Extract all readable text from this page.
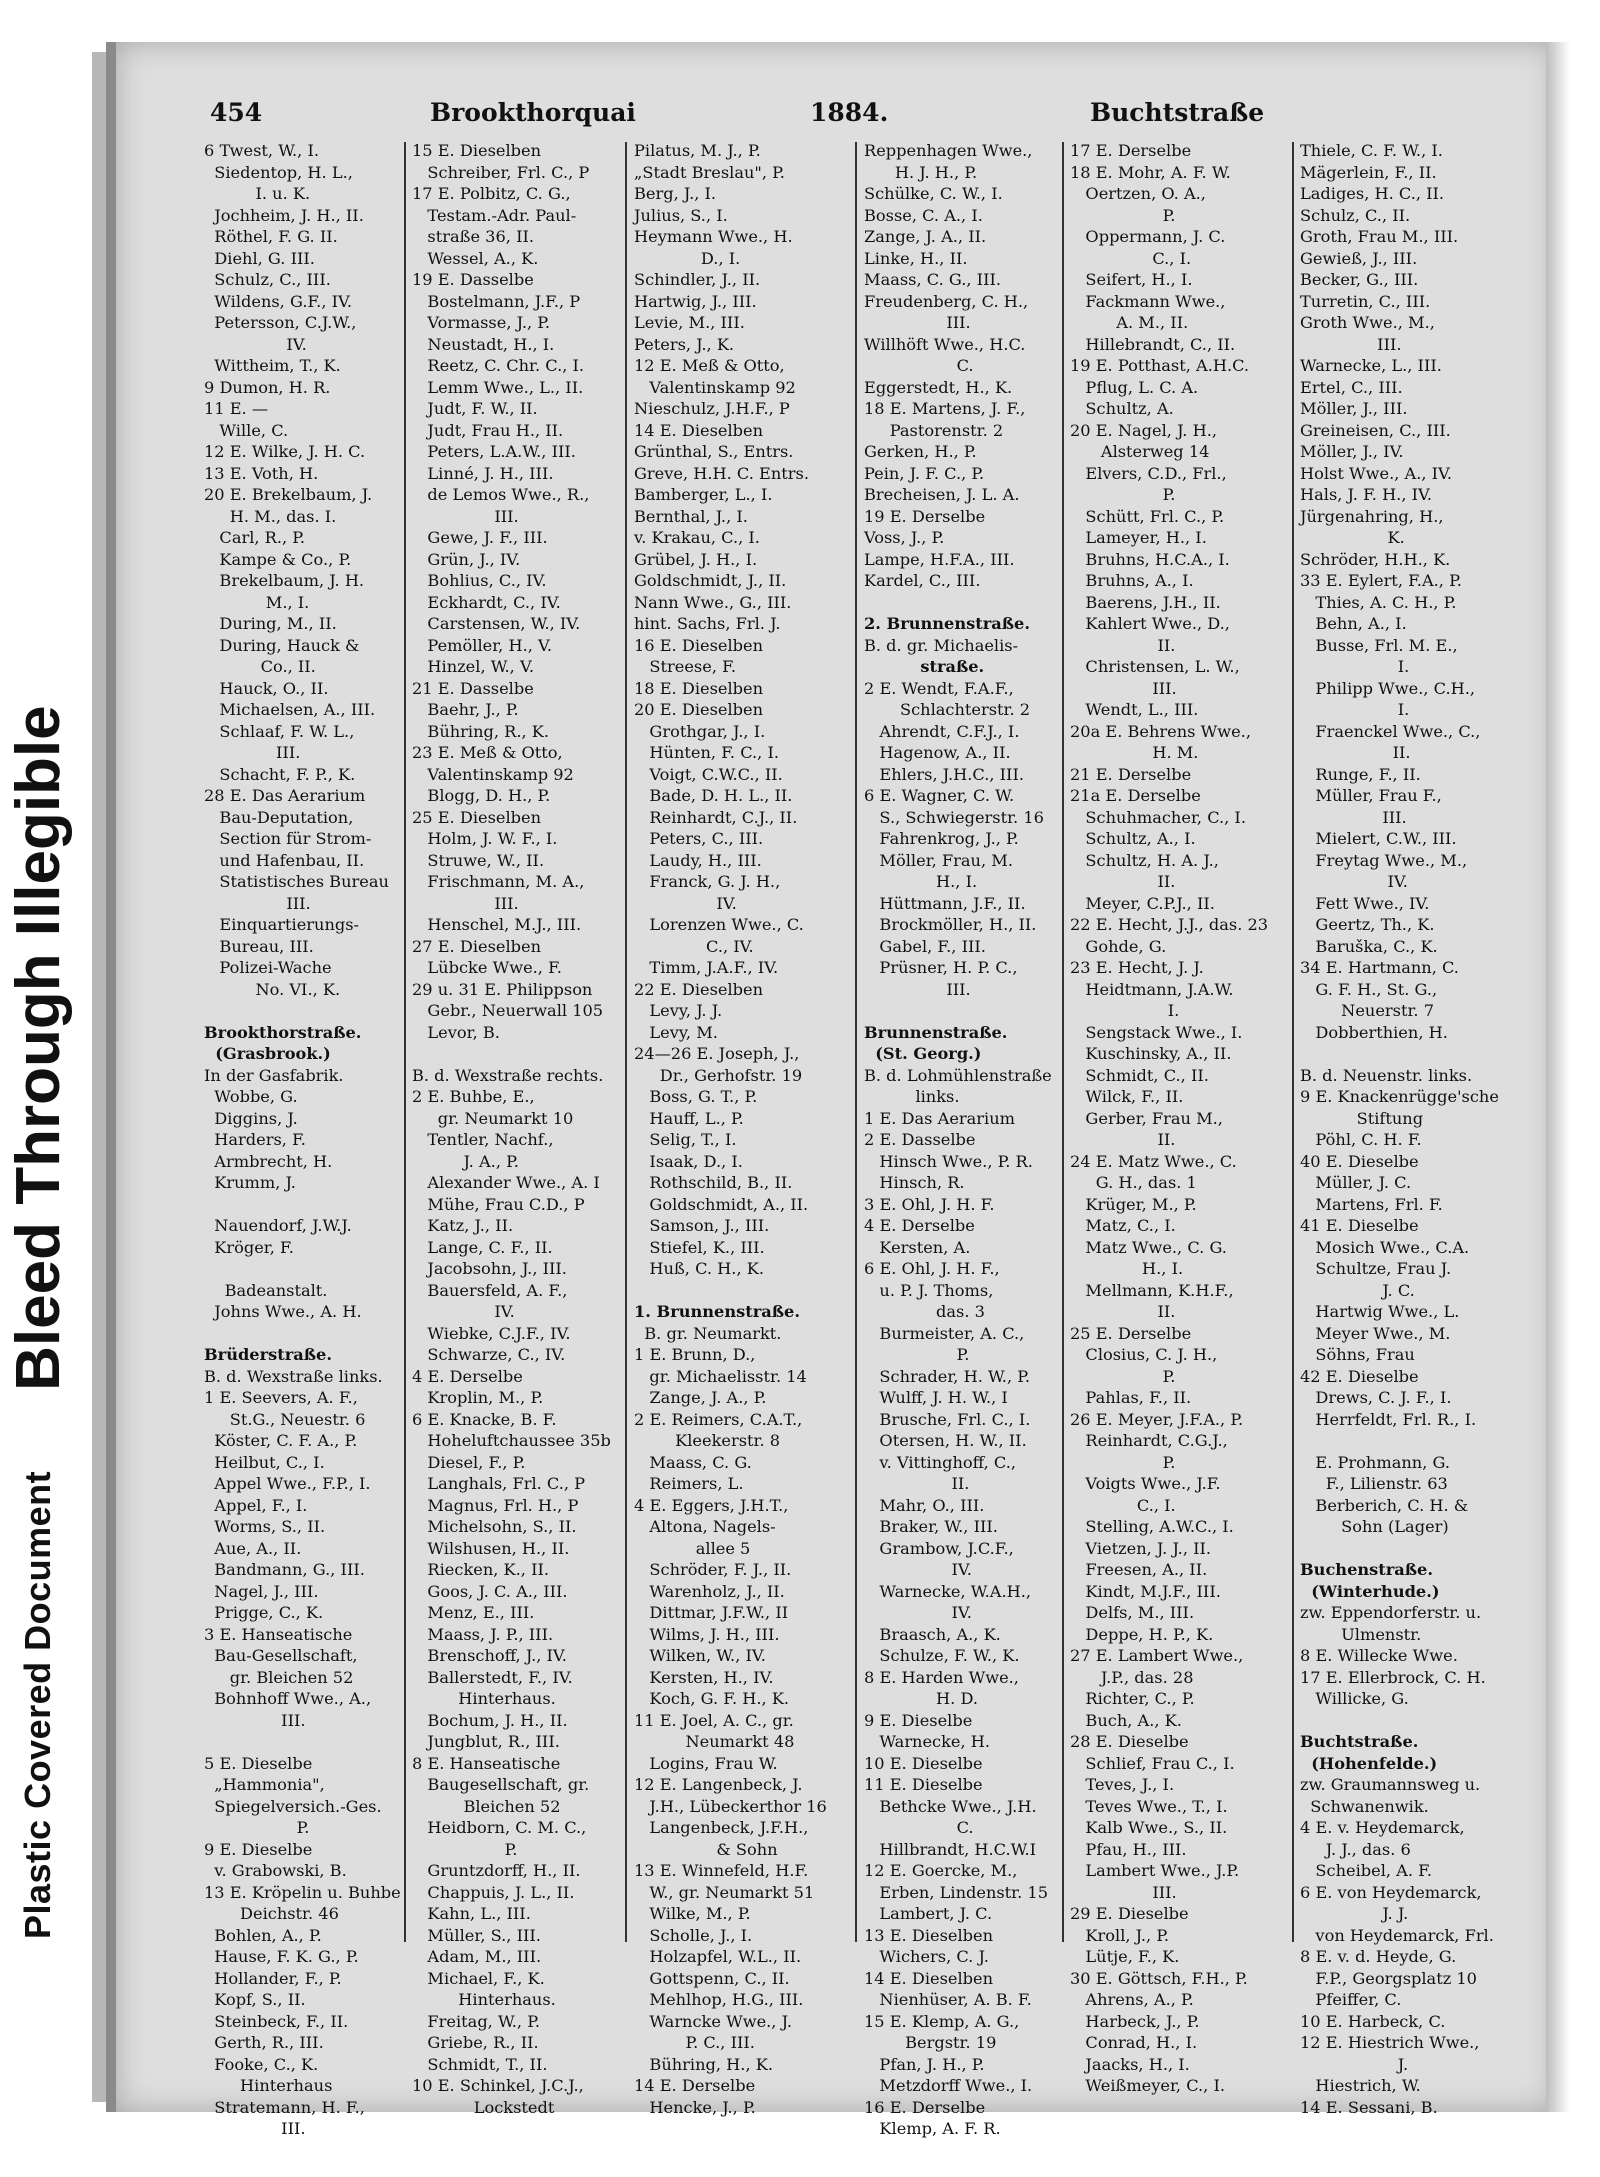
Plastic Covered Document
Bleed Through Illegible
454	Brookthorquai	1884.	Buchtstraße
6 Twest, W., I.
Siedentop, H. L.,
I. u. K.
Jochheim, J. H., II.
Röthel, F. G. II.
Diehl, G. III.
Schulz, C., III.
Wildens, G.F., IV.
Petersson, C.J.W.,
IV.
Wittheim, T., K.
9 Dumon, H. R.
11 E. —
Wille, C.
12 E. Wilke, J. H. C.
13 E. Voth, H.
20 E. Brekelbaum, J.
H. M., das. I.
Carl, R., P.
Kampe & Co., P.
Brekelbaum, J. H.
M., I.
During, M., II.
During, Hauck &
Co., II.
Hauck, O., II.
Michaelsen, A., III.
Schlaaf, F. W. L.,
III.
Schacht, F. P., K.
28 E. Das Aerarium
Bau-Deputation,
Section für Strom-
und Hafenbau, II.
Statistisches Bureau
III.
Einquartierungs-
Bureau, III.
Polizei-Wache
No. VI., K.
Brookthorstraße.
(Grasbrook.)
In der Gasfabrik.
Wobbe, G.
Diggins, J.
Harders, F.
Armbrecht, H.
Krumm, J.
Nauendorf, J.W.J.
Kröger, F.
Badeanstalt.
Johns Wwe., A. H.
Brüderstraße.
B. d. Wexstraße links.
1 E. Seevers, A. F.,
St.G., Neuestr. 6
Köster, C. F. A., P.
Heilbut, C., I.
Appel Wwe., F.P., I.
Appel, F., I.
Worms, S., II.
Aue, A., II.
Bandmann, G., III.
Nagel, J., III.
Prigge, C., K.
3 E. Hanseatische
Bau-Gesellschaft,
gr. Bleichen 52
Bohnhoff Wwe., A.,
III.
5 E. Dieselbe
„Hammonia",
Spiegelversich.-Ges.
P.
9 E. Dieselbe
v. Grabowski, B.
13 E. Kröpelin u. Buhbe
Deichstr. 46
Bohlen, A., P.
Hause, F. K. G., P.
Hollander, F., P.
Kopf, S., II.
Steinbeck, F., II.
Gerth, R., III.
Fooke, C., K.
Hinterhaus
Stratemann, H. F.,
III.
15 E. Dieselben
Schreiber, Frl. C., P
17 E. Polbitz, C. G.,
Testam.-Adr. Paul-
straße 36, II.
Wessel, A., K.
19 E. Dasselbe
Bostelmann, J.F., P
Vormasse, J., P.
Neustadt, H., I.
Reetz, C. Chr. C., I.
Lemm Wwe., L., II.
Judt, F. W., II.
Judt, Frau H., II.
Peters, L.A.W., III.
Linné, J. H., III.
de Lemos Wwe., R.,
III.
Gewe, J. F., III.
Grün, J., IV.
Bohlius, C., IV.
Eckhardt, C., IV.
Carstensen, W., IV.
Pemöller, H., V.
Hinzel, W., V.
21 E. Dasselbe
Baehr, J., P.
Bühring, R., K.
23 E. Meß & Otto,
Valentinskamp 92
Blogg, D. H., P.
25 E. Dieselben
Holm, J. W. F., I.
Struwe, W., II.
Frischmann, M. A.,
III.
Henschel, M.J., III.
27 E. Dieselben
Lübcke Wwe., F.
29 u. 31 E. Philippson
Gebr., Neuerwall 105
Levor, B.
B. d. Wexstraße rechts.
2 E. Buhbe, E.,
gr. Neumarkt 10
Tentler, Nachf.,
J. A., P.
Alexander Wwe., A. I
Mühe, Frau C.D., P
Katz, J., II.
Lange, C. F., II.
Jacobsohn, J., III.
Bauersfeld, A. F.,
IV.
Wiebke, C.J.F., IV.
Schwarze, C., IV.
4 E. Derselbe
Kroplin, M., P.
6 E. Knacke, B. F.
Hoheluftchaussee 35b
Diesel, F., P.
Langhals, Frl. C., P
Magnus, Frl. H., P
Michelsohn, S., II.
Wilshusen, H., II.
Riecken, K., II.
Goos, J. C. A., III.
Menz, E., III.
Maass, J. P., III.
Brenschoff, J., IV.
Ballerstedt, F., IV.
Hinterhaus.
Bochum, J. H., II.
Jungblut, R., III.
8 E. Hanseatische
Baugesellschaft, gr.
Bleichen 52
Heidborn, C. M. C.,
P.
Gruntzdorff, H., II.
Chappuis, J. L., II.
Kahn, L., III.
Müller, S., III.
Adam, M., III.
Michael, F., K.
Hinterhaus.
Freitag, W., P.
Griebe, R., II.
Schmidt, T., II.
10 E. Schinkel, J.C.J.,
Lockstedt
Pilatus, M. J., P.
„Stadt Breslau", P.
Berg, J., I.
Julius, S., I.
Heymann Wwe., H.
D., I.
Schindler, J., II.
Hartwig, J., III.
Levie, M., III.
Peters, J., K.
12 E. Meß & Otto,
Valentinskamp 92
Nieschulz, J.H.F., P
14 E. Dieselben
Grünthal, S., Entrs.
Greve, H.H. C. Entrs.
Bamberger, L., I.
Bernthal, J., I.
v. Krakau, C., I.
Grübel, J. H., I.
Goldschmidt, J., II.
Nann Wwe., G., III.
hint. Sachs, Frl. J.
16 E. Dieselben
Streese, F.
18 E. Dieselben
20 E. Dieselben
Grothgar, J., I.
Hünten, F. C., I.
Voigt, C.W.C., II.
Bade, D. H. L., II.
Reinhardt, C.J., II.
Peters, C., III.
Laudy, H., III.
Franck, G. J. H.,
IV.
Lorenzen Wwe., C.
C., IV.
Timm, J.A.F., IV.
22 E. Dieselben
Levy, J. J.
Levy, M.
24—26 E. Joseph, J.,
Dr., Gerhofstr. 19
Boss, G. T., P.
Hauff, L., P.
Selig, T., I.
Isaak, D., I.
Rothschild, B., II.
Goldschmidt, A., II.
Samson, J., III.
Stiefel, K., III.
Huß, C. H., K.
1. Brunnenstraße.
B. gr. Neumarkt.
1 E. Brunn, D.,
gr. Michaelisstr. 14
Zange, J. A., P.
2 E. Reimers, C.A.T.,
Kleekerstr. 8
Maass, C. G.
Reimers, L.
4 E. Eggers, J.H.T.,
Altona, Nagels-
allee 5
Schröder, F. J., II.
Warenholz, J., II.
Dittmar, J.F.W., II
Wilms, J. H., III.
Wilken, W., IV.
Kersten, H., IV.
Koch, G. F. H., K.
11 E. Joel, A. C., gr.
Neumarkt 48
Logins, Frau W.
12 E. Langenbeck, J.
J.H., Lübeckerthor 16
Langenbeck, J.F.H.,
& Sohn
13 E. Winnefeld, H.F.
W., gr. Neumarkt 51
Wilke, M., P.
Scholle, J., I.
Holzapfel, W.L., II.
Gottspenn, C., II.
Mehlhop, H.G., III.
Warncke Wwe., J.
P. C., III.
Bühring, H., K.
14 E. Derselbe
Hencke, J., P.
Reppenhagen Wwe.,
H. J. H., P.
Schülke, C. W., I.
Bosse, C. A., I.
Zange, J. A., II.
Linke, H., II.
Maass, C. G., III.
Freudenberg, C. H.,
III.
Willhöft Wwe., H.C.
C.
Eggerstedt, H., K.
18 E. Martens, J. F.,
Pastorenstr. 2
Gerken, H., P.
Pein, J. F. C., P.
Brecheisen, J. L. A.
19 E. Derselbe
Voss, J., P.
Lampe, H.F.A., III.
Kardel, C., III.
2. Brunnenstraße.
B. d. gr. Michaelis-
straße.
2 E. Wendt, F.A.F.,
Schlachterstr. 2
Ahrendt, C.F.J., I.
Hagenow, A., II.
Ehlers, J.H.C., III.
6 E. Wagner, C. W.
S., Schwiegerstr. 16
Fahrenkrog, J., P.
Möller, Frau, M.
H., I.
Hüttmann, J.F., II.
Brockmöller, H., II.
Gabel, F., III.
Prüsner, H. P. C.,
III.
Brunnenstraße.
(St. Georg.)
B. d. Lohmühlenstraße
links.
1 E. Das Aerarium
2 E. Dasselbe
Hinsch Wwe., P. R.
Hinsch, R.
3 E. Ohl, J. H. F.
4 E. Derselbe
Kersten, A.
6 E. Ohl, J. H. F.,
u. P. J. Thoms,
das. 3
Burmeister, A. C.,
P.
Schrader, H. W., P.
Wulff, J. H. W., I
Brusche, Frl. C., I.
Otersen, H. W., II.
v. Vittinghoff, C.,
II.
Mahr, O., III.
Braker, W., III.
Grambow, J.C.F.,
IV.
Warnecke, W.A.H.,
IV.
Braasch, A., K.
Schulze, F. W., K.
8 E. Harden Wwe.,
H. D.
9 E. Dieselbe
Warnecke, H.
10 E. Dieselbe
11 E. Dieselbe
Bethcke Wwe., J.H.
C.
Hillbrandt, H.C.W.I
12 E. Goercke, M.,
Erben, Lindenstr. 15
Lambert, J. C.
13 E. Dieselben
Wichers, C. J.
14 E. Dieselben
Nienhüser, A. B. F.
15 E. Klemp, A. G.,
Bergstr. 19
Pfan, J. H., P.
Metzdorff Wwe., I.
16 E. Derselbe
Klemp, A. F. R.
17 E. Derselbe
18 E. Mohr, A. F. W.
Oertzen, O. A.,
P.
Oppermann, J. C.
C., I.
Seifert, H., I.
Fackmann Wwe.,
A. M., II.
Hillebrandt, C., II.
19 E. Potthast, A.H.C.
Pflug, L. C. A.
Schultz, A.
20 E. Nagel, J. H.,
Alsterweg 14
Elvers, C.D., Frl.,
P.
Schütt, Frl. C., P.
Lameyer, H., I.
Bruhns, H.C.A., I.
Bruhns, A., I.
Baerens, J.H., II.
Kahlert Wwe., D.,
II.
Christensen, L. W.,
III.
Wendt, L., III.
20a E. Behrens Wwe.,
H. M.
21 E. Derselbe
21a E. Derselbe
Schuhmacher, C., I.
Schultz, A., I.
Schultz, H. A. J.,
II.
Meyer, C.P.J., II.
22 E. Hecht, J.J., das. 23
Gohde, G.
23 E. Hecht, J. J.
Heidtmann, J.A.W.
I.
Sengstack Wwe., I.
Kuschinsky, A., II.
Schmidt, C., II.
Wilck, F., II.
Gerber, Frau M.,
II.
24 E. Matz Wwe., C.
G. H., das. 1
Krüger, M., P.
Matz, C., I.
Matz Wwe., C. G.
H., I.
Mellmann, K.H.F.,
II.
25 E. Derselbe
Closius, C. J. H.,
P.
Pahlas, F., II.
26 E. Meyer, J.F.A., P.
Reinhardt, C.G.J.,
P.
Voigts Wwe., J.F.
C., I.
Stelling, A.W.C., I.
Vietzen, J. J., II.
Freesen, A., II.
Kindt, M.J.F., III.
Delfs, M., III.
Deppe, H. P., K.
27 E. Lambert Wwe.,
J.P., das. 28
Richter, C., P.
Buch, A., K.
28 E. Dieselbe
Schlief, Frau C., I.
Teves, J., I.
Teves Wwe., T., I.
Kalb Wwe., S., II.
Pfau, H., III.
Lambert Wwe., J.P.
III.
29 E. Dieselbe
Kroll, J., P.
Lütje, F., K.
30 E. Göttsch, F.H., P.
Ahrens, A., P.
Harbeck, J., P.
Conrad, H., I.
Jaacks, H., I.
Weißmeyer, C., I.
Thiele, C. F. W., I.
Mägerlein, F., II.
Ladiges, H. C., II.
Schulz, C., II.
Groth, Frau M., III.
Gewieß, J., III.
Becker, G., III.
Turretin, C., III.
Groth Wwe., M.,
III.
Warnecke, L., III.
Ertel, C., III.
Möller, J., III.
Greineisen, C., III.
Möller, J., IV.
Holst Wwe., A., IV.
Hals, J. F. H., IV.
Jürgenahring, H.,
K.
Schröder, H.H., K.
33 E. Eylert, F.A., P.
Thies, A. C. H., P.
Behn, A., I.
Busse, Frl. M. E.,
I.
Philipp Wwe., C.H.,
I.
Fraenckel Wwe., C.,
II.
Runge, F., II.
Müller, Frau F.,
III.
Mielert, C.W., III.
Freytag Wwe., M.,
IV.
Fett Wwe., IV.
Geertz, Th., K.
Baruška, C., K.
34 E. Hartmann, C.
G. F. H., St. G.,
Neuerstr. 7
Dobberthien, H.
B. d. Neuenstr. links.
9 E. Knackenrügge'sche
Stiftung
Pöhl, C. H. F.
40 E. Dieselbe
Müller, J. C.
Martens, Frl. F.
41 E. Dieselbe
Mosich Wwe., C.A.
Schultze, Frau J.
J. C.
Hartwig Wwe., L.
Meyer Wwe., M.
Söhns, Frau
42 E. Dieselbe
Drews, C. J. F., I.
Herrfeldt, Frl. R., I.
E. Prohmann, G.
F., Lilienstr. 63
Berberich, C. H. &
Sohn (Lager)
Buchenstraße.
(Winterhude.)
zw. Eppendorferstr. u.
Ulmenstr.
8 E. Willecke Wwe.
17 E. Ellerbrock, C. H.
Willicke, G.
Buchtstraße.
(Hohenfelde.)
zw. Graumannsweg u.
Schwanenwik.
4 E. v. Heydemarck,
J. J., das. 6
Scheibel, A. F.
6 E. von Heydemarck,
J. J.
von Heydemarck, Frl.
8 E. v. d. Heyde, G.
F.P., Georgsplatz 10
Pfeiffer, C.
10 E. Harbeck, C.
12 E. Hiestrich Wwe.,
J.
Hiestrich, W.
14 E. Sessani, B.
